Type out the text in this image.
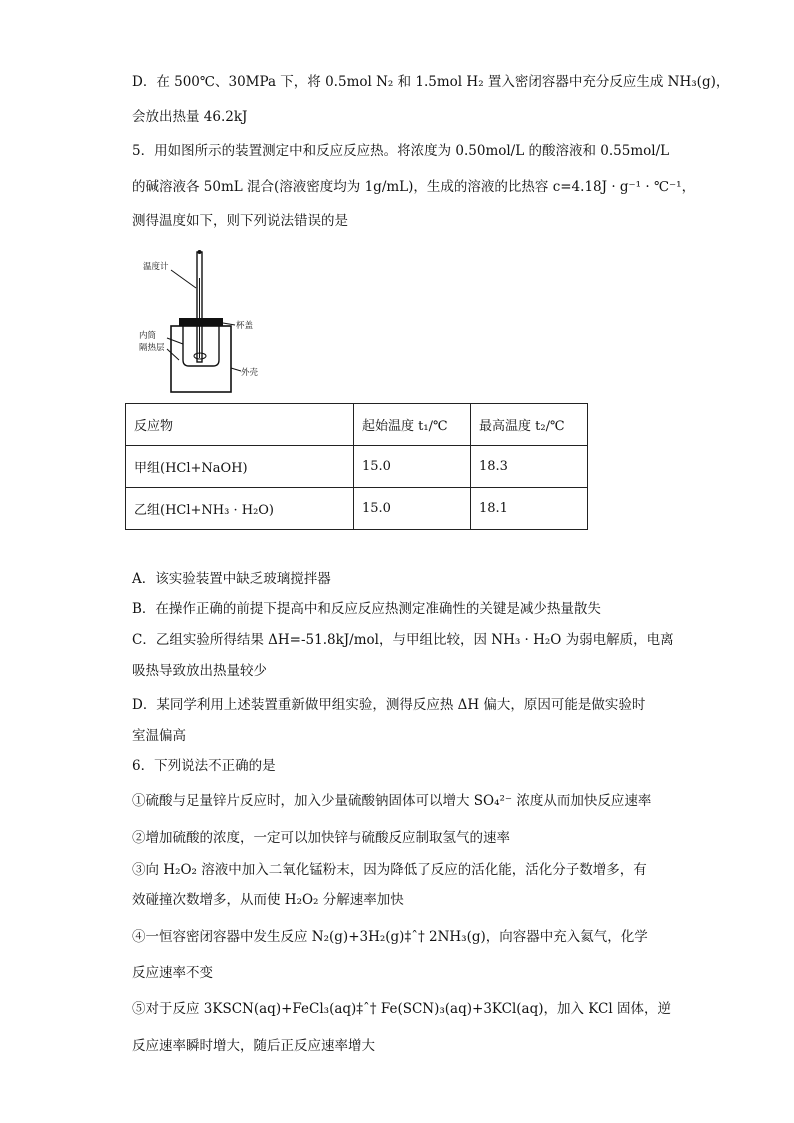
D．在 500℃、30MPa 下，将 0.5mol N₂ 和 1.5mol H₂ 置入密闭容器中充分反应生成 NH₃(g)，
会放出热量 46.2kJ
5．用如图所示的装置测定中和反应反应热。将浓度为 0.50mol/L 的酸溶液和 0.55mol/L
的碱溶液各 50mL 混合(溶液密度均为 1g/mL)，生成的溶液的比热容 c=4.18J · g⁻¹ · ℃⁻¹，
测得温度如下，则下列说法错误的是
温度计
内筒
隔热层
杯盖
外壳
反应物	起始温度 t₁/℃	最高温度 t₂/℃
甲组(HCl+NaOH)	15.0	18.3
乙组(HCl+NH₃ · H₂O)	15.0	18.1
A．该实验装置中缺乏玻璃搅拌器
B．在操作正确的前提下提高中和反应反应热测定准确性的关键是减少热量散失
C．乙组实验所得结果 ΔH=-51.8kJ/mol，与甲组比较，因 NH₃ · H₂O 为弱电解质，电离
吸热导致放出热量较少
D．某同学利用上述装置重新做甲组实验，测得反应热 ΔH 偏大，原因可能是做实验时
室温偏高
6．下列说法不正确的是
①硫酸与足量锌片反应时，加入少量硫酸钠固体可以增大 SO₄²⁻ 浓度从而加快反应速率
②增加硫酸的浓度，一定可以加快锌与硫酸反应制取氢气的速率
③向 H₂O₂ 溶液中加入二氧化锰粉末，因为降低了反应的活化能，活化分子数增多，有
效碰撞次数增多，从而使 H₂O₂ 分解速率加快
④一恒容密闭容器中发生反应 N₂(g)+3H₂(g)‡ˆ† 2NH₃(g)，向容器中充入氦气，化学
反应速率不变
⑤对于反应 3KSCN(aq)+FeCl₃(aq)‡ˆ† Fe(SCN)₃(aq)+3KCl(aq)，加入 KCl 固体，逆
反应速率瞬时增大，随后正反应速率增大
